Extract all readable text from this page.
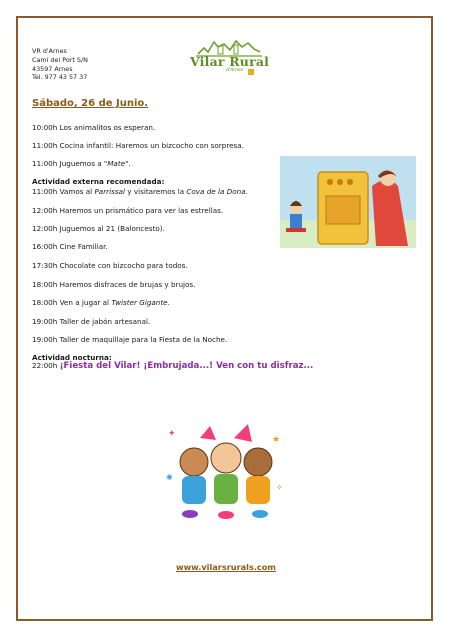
VR d'Arnes
Camí del Port S/N
43597 Arnes
Tel. 977 43 57 37
Vilar Rural
d'Arnes
Sábado, 26 de Junio.
10:00h Los animalitos os esperan.
11:00h Cocina infantil: Haremos un bizcocho con sorpresa.
11:00h Juguemos a "Mate".
Actividad externa recomendada:
11:00h Vamos al Parrissal y visitaremos la Cova de la Dona.
12:00h Haremos un prismático para ver las estrellas.
12:00h Juguemos al 21 (Baloncesto).
16:00h Cine Familiar.
17:30h Chocolate con bizcocho para todos.
18:00h Haremos disfraces de brujas y brujos.
18:00h Ven a jugar al Twister Gigante.
19:00h Taller de jabón artesanal.
19:00h Taller de maquillaje para la Fiesta de la Noche.
Actividad nocturna:
22:00h ¡Fiesta del Vilar! ¡Embrujada...! Ven con tu disfraz...
✦
★
✺
✧
www.vilarsrurals.com
